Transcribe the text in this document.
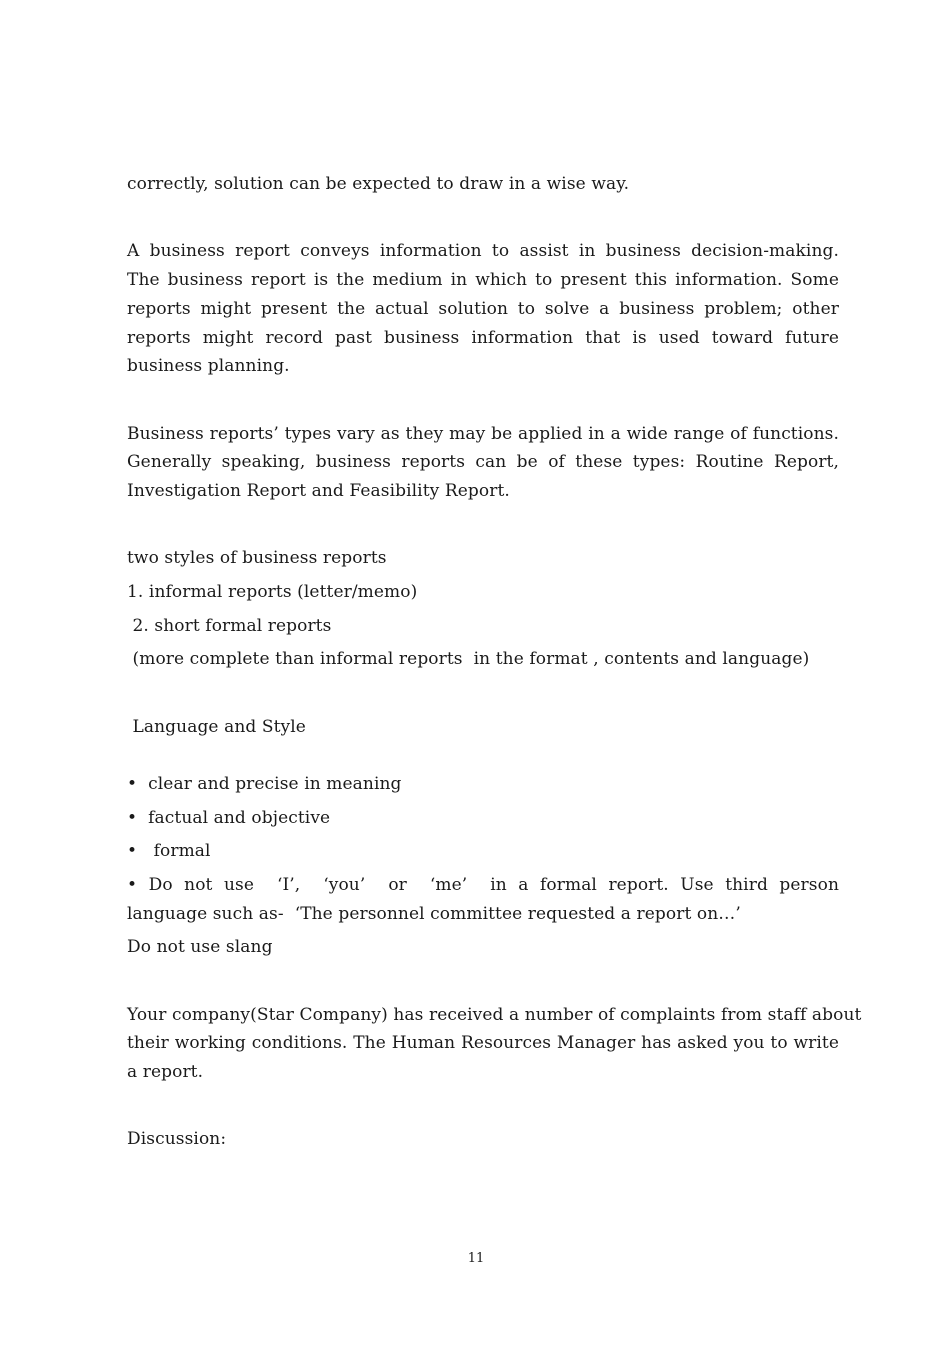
correctly, solution can be expected to draw in a wise way.
A business report conveys information to assist in business decision-making.
The business report is the medium in which to present this information. Some
reports might present the actual solution to solve a business problem; other
reports might record past business information that is used toward future
business planning.
Business reports’ types vary as they may be applied in a wide range of functions.
Generally speaking, business reports can be of these types: Routine Report,
Investigation Report and Feasibility Report.
two styles of business reports
1. informal reports (letter/memo)
2. short formal reports
(more complete than informal reports  in the format , contents and language)
Language and Style
•  clear and precise in meaning
•  factual and objective
•   formal
• Do not use  ‘I’,  ‘you’  or  ‘me’  in a formal report. Use third person
language such as-  ‘The personnel committee requested a report on…’
Do not use slang
Your company(Star Company) has received a number of complaints from staff about
their working conditions. The Human Resources Manager has asked you to write
a report.
Discussion:
11
